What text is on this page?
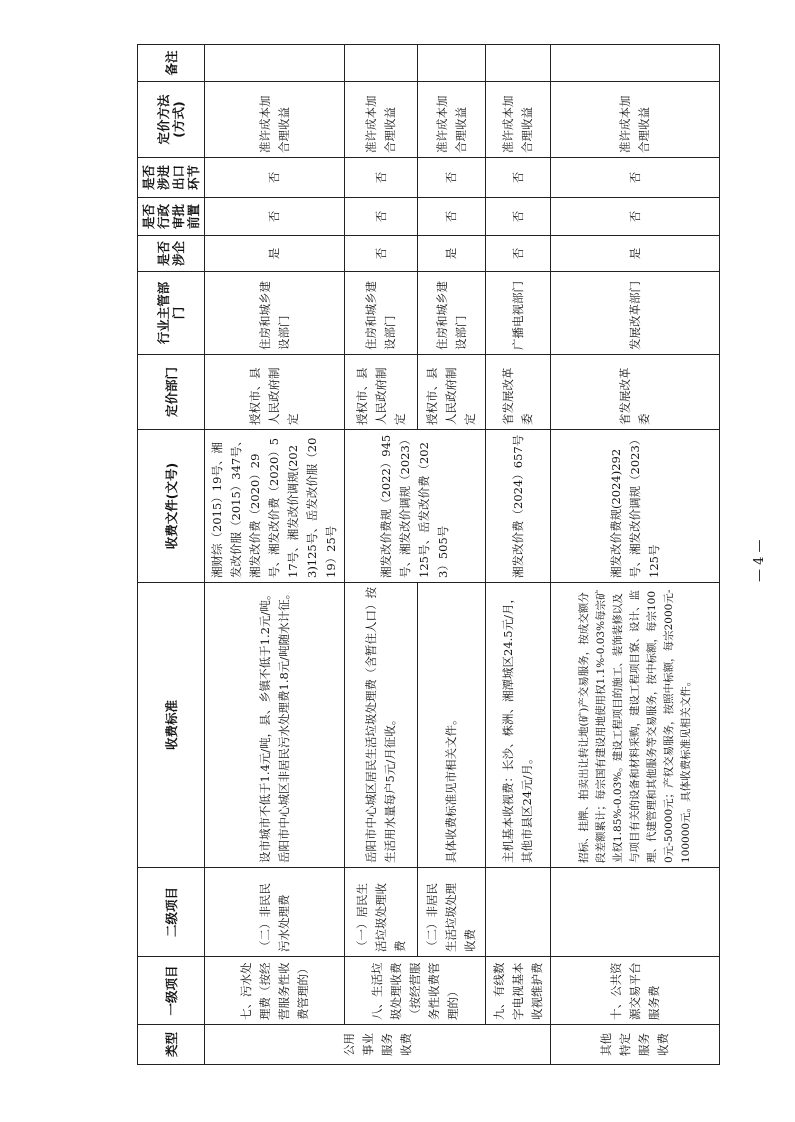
类型	一级项目	二级项目	收费标准	收费文件(文号)	定价部门	行业主管部门	是否涉企	是否行政审批前置	是否涉进出口环节	定价方法(方式)	备注
公用事业服务收费	七、污水处理费（按经营服务性收费管理的）	（二）非民民污水处理费	设市城市不低于1.4元/吨，县、乡镇不低于1.2元/吨。岳阳市中心城区非居民污水处理费1.8元/吨随水计征。	湘财综（2015）19号、湘发改价服（2015）347号、湘发改价费（2020）29号、湘发改价费（2020）517号、湘发改价调规(2023)125号、岳发改价服（2019）25号	授权市、县人民政府制定	住房和城乡建设部门	是	否	否	准许成本加合理收益	
	八、生活垃圾处理收费（按经营服务性收费管理的）	（一）居民生活垃圾处理收费	岳阳市中心城区居民生活垃圾处理费（含暂住人口）按生活用水量每户5元/月征收。	湘发改价费规（2022）945号、湘发改价调规（2023）125号、岳发改价费（2023）505号	授权市、县人民政府制定	住房和城乡建设部门	否	否	否	准许成本加合理收益	
		（二）非居民生活垃圾处理收费	具体收费标准见市相关文件。		授权市、县人民政府制定	住房和城乡建设部门	是	否	否	准许成本加合理收益	
	九、有线数字电视基本收视维护费		主机基本收视费：长沙、株洲、湘潭城区24.5元/月，其他市县区24元/月。	湘发改价费（2024）657号	省发展改革委	广播电视部门	否	否	否	准许成本加合理收益	
其他特定服务收费	十、公共资源交易平台服务费		招标、挂牌、拍卖出让转让地(矿)产交易服务，按成交额分段差额累计；每宗国有建设用地使用权1.1%-0.03%每宗矿业权1.85%-0.03%。建设工程项目的施工、装饰装修以及与项目有关的设备和材料采购，建设工程项目寮、设计、监理、代建管理和其他服务等交易服务，按中标额，每宗1000元-50000元；产权交易服务，按照中标额，每宗2000元-100000元。具体收费标准见相关文件。	湘发改价费规(2024)292号、湘发改价调规（2023）125号	省发展改革委	发展改革部门	是	否	否	准许成本加合理收益	
— 4 —
